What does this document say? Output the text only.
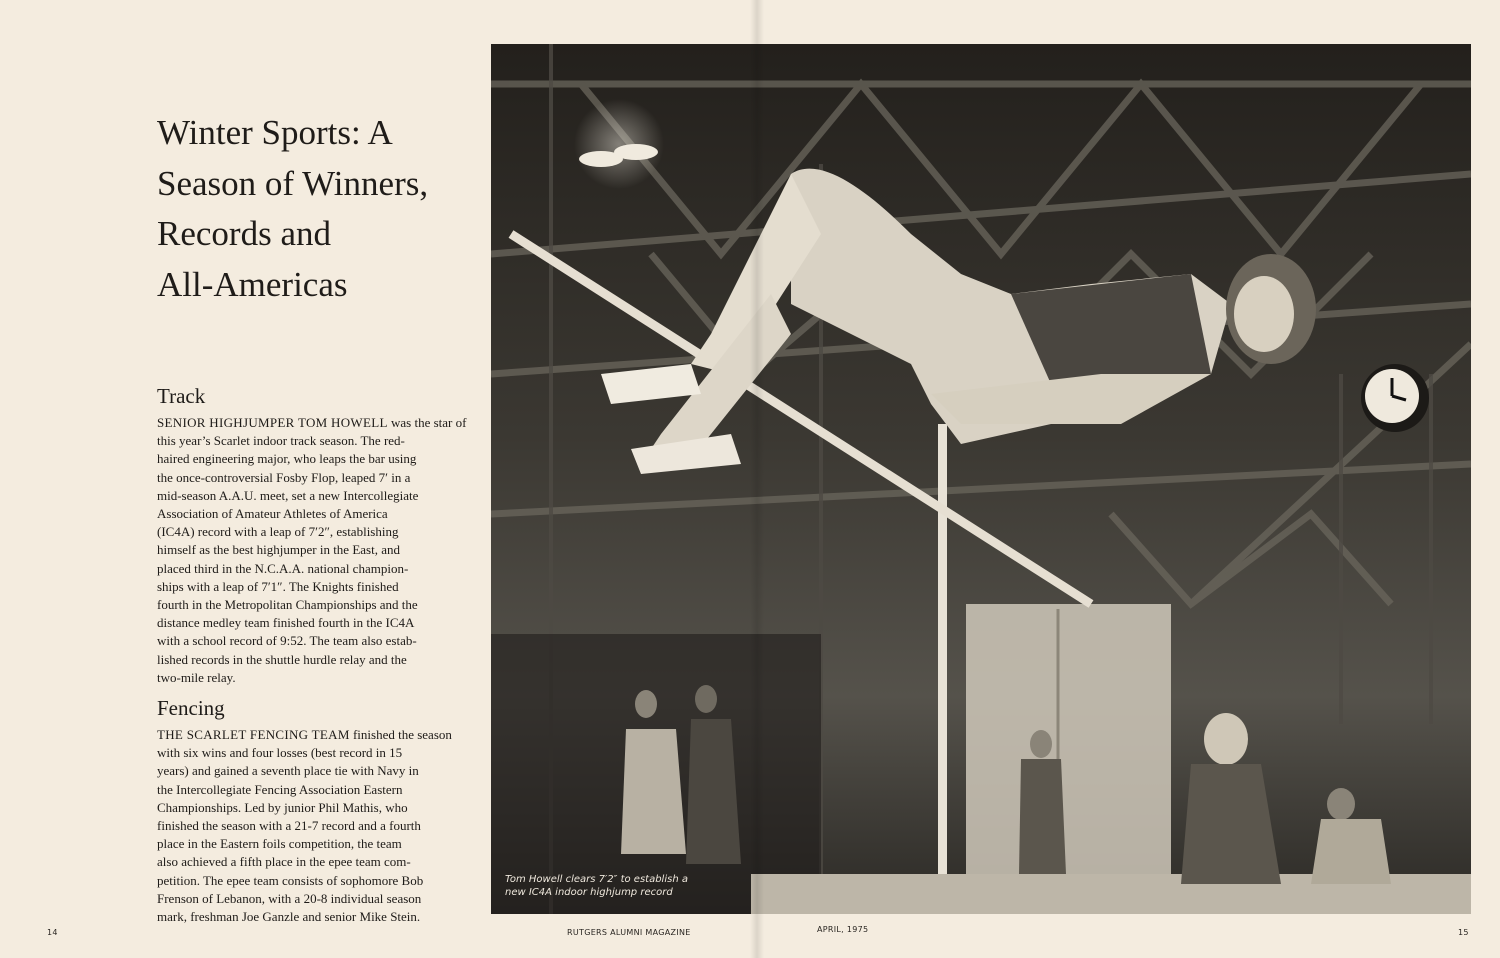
Winter Sports: A
Season of Winners,
Records and
All-Americas
Track

SENIOR HIGHJUMPER TOM HOWELL was the star of
this year’s Scarlet indoor track season. The red-
haired engineering major, who leaps the bar using
the once-controversial Fosby Flop, leaped 7′ in a
mid-season A.A.U. meet, set a new Intercollegiate
Association of Amateur Athletes of America
(IC4A) record with a leap of 7′2″, establishing
himself as the best highjumper in the East, and
placed third in the N.C.A.A. national champion-
ships with a leap of 7′1″. The Knights finished
fourth in the Metropolitan Championships and the
distance medley team finished fourth in the IC4A
with a school record of 9:52. The team also estab-
lished records in the shuttle hurdle relay and the
two-mile relay.

Fencing

THE SCARLET FENCING TEAM finished the season
with six wins and four losses (best record in 15
years) and gained a seventh place tie with Navy in
the Intercollegiate Fencing Association Eastern
Championships. Led by junior Phil Mathis, who
finished the season with a 21-7 record and a fourth
place in the Eastern foils competition, the team
also achieved a fifth place in the epee team com-
petition. The epee team consists of sophomore Bob
Frenson of Lebanon, with a 20-8 individual season
mark, freshman Joe Ganzle and senior Mike Stein.

Tom Howell clears 7′2″ to establish a
new IC4A indoor highjump record
14	RUTGERS ALUMNI MAGAZINE	APRIL, 1975	15
